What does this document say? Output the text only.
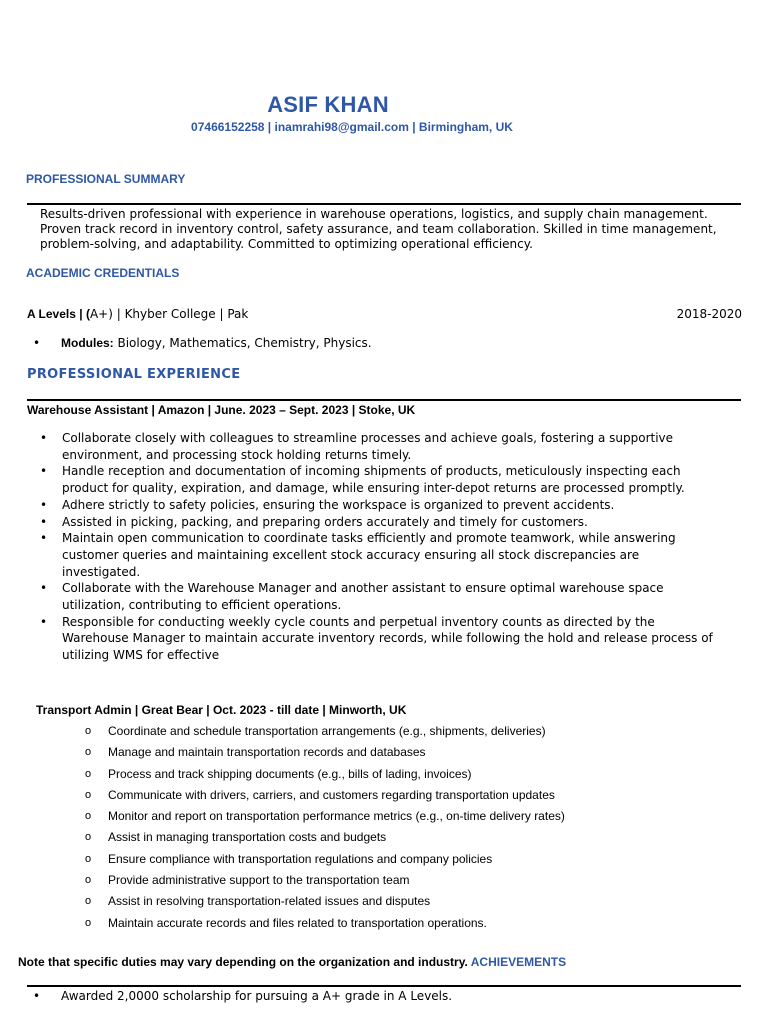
ASIF KHAN
07466152258 | inamrahi98@gmail.com | Birmingham, UK
PROFESSIONAL SUMMARY
Results-driven professional with experience in warehouse operations, logistics, and supply chain management. Proven track record in inventory control, safety assurance, and team collaboration. Skilled in time management, problem-solving, and adaptability. Committed to optimizing operational efficiency.
ACADEMIC CREDENTIALS
A Levels | (A+) | Khyber College | Pak	2018-2020
• Modules: Biology, Mathematics, Chemistry, Physics.
PROFESSIONAL EXPERIENCE
Warehouse Assistant | Amazon | June. 2023 – Sept. 2023 | Stoke, UK
• Collaborate closely with colleagues to streamline processes and achieve goals, fostering a supportive environment, and processing stock holding returns timely.
• Handle reception and documentation of incoming shipments of products, meticulously inspecting each product for quality, expiration, and damage, while ensuring inter-depot returns are processed promptly.
• Adhere strictly to safety policies, ensuring the workspace is organized to prevent accidents.
• Assisted in picking, packing, and preparing orders accurately and timely for customers.
• Maintain open communication to coordinate tasks efficiently and promote teamwork, while answering customer queries and maintaining excellent stock accuracy ensuring all stock discrepancies are investigated.
• Collaborate with the Warehouse Manager and another assistant to ensure optimal warehouse space utilization, contributing to efficient operations.
• Responsible for conducting weekly cycle counts and perpetual inventory counts as directed by the Warehouse Manager to maintain accurate inventory records, while following the hold and release process of utilizing WMS for effective
Transport Admin | Great Bear | Oct. 2023 - till date | Minworth, UK
o Coordinate and schedule transportation arrangements (e.g., shipments, deliveries)
o Manage and maintain transportation records and databases
o Process and track shipping documents (e.g., bills of lading, invoices)
o Communicate with drivers, carriers, and customers regarding transportation updates
o Monitor and report on transportation performance metrics (e.g., on-time delivery rates)
o Assist in managing transportation costs and budgets
o Ensure compliance with transportation regulations and company policies
o Provide administrative support to the transportation team
o Assist in resolving transportation-related issues and disputes
o Maintain accurate records and files related to transportation operations.
Note that specific duties may vary depending on the organization and industry. ACHIEVEMENTS
• Awarded 2,0000 scholarship for pursuing a A+ grade in A Levels.
